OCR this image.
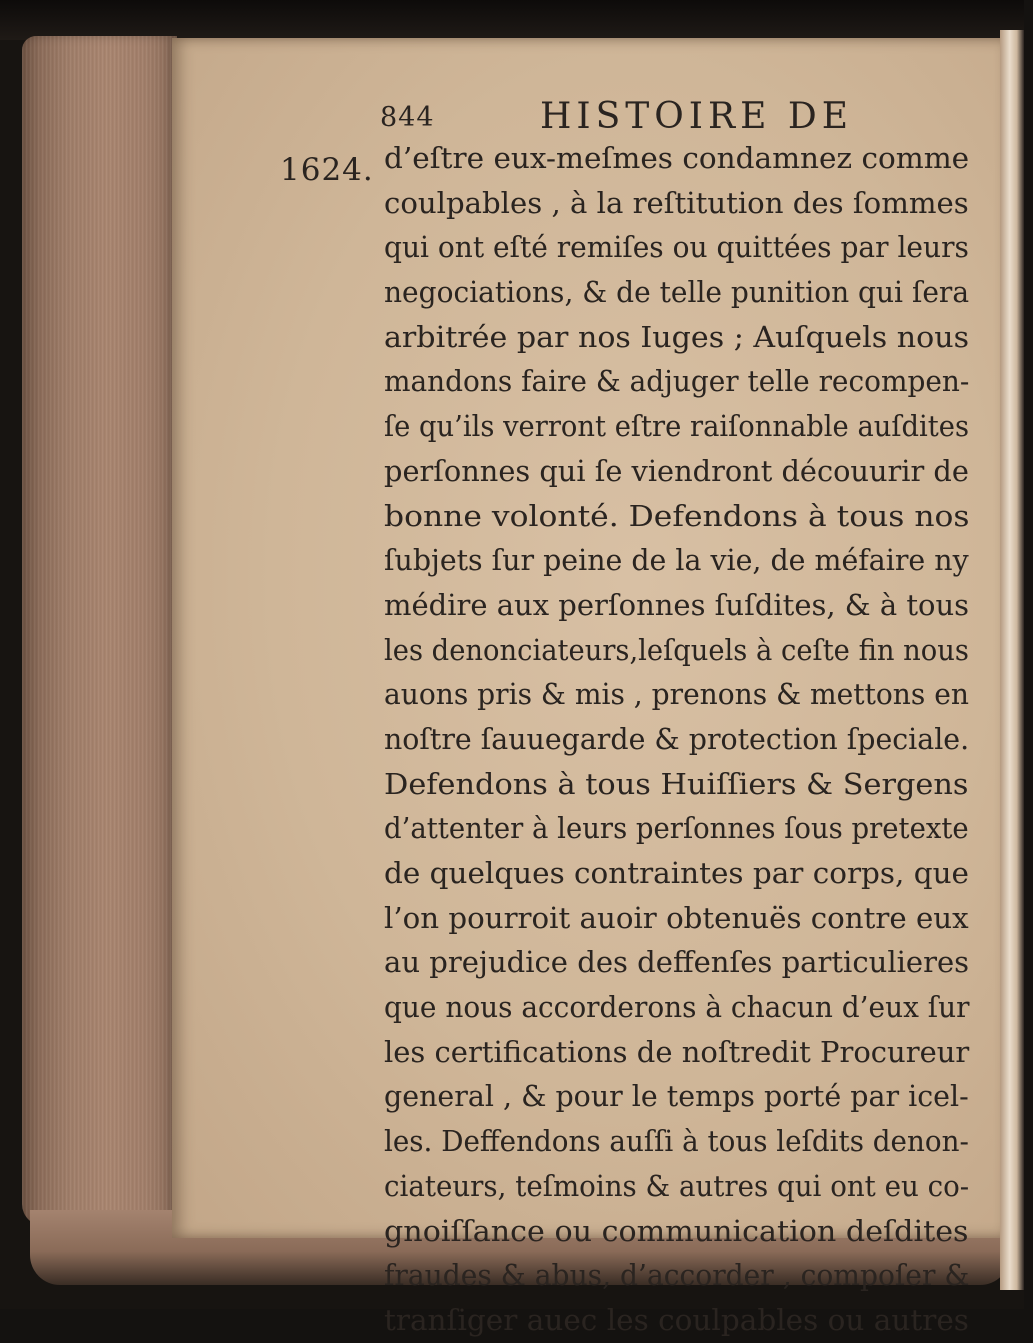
844	HISTOIRE DE
1624. d’eſtre eux-meſmes condamnez comme
coulpables , à la reſtitution des ſommes
qui ont eſté remiſes ou quittées par leurs
negociations, & de telle punition qui ſera
arbitrée par nos Iuges ; Auſquels nous
mandons faire & adjuger telle recompen-
ſe qu’ils verront eſtre raiſonnable auſdites
perſonnes qui ſe viendront découurir de
bonne volonté. Defendons à tous nos
ſubjets ſur peine de la vie, de méfaire ny
médire aux perſonnes ſuſdites, & à tous
les denonciateurs,leſquels à ceſte fin nous
auons pris & mis , prenons & mettons en
noſtre ſauuegarde & protection ſpeciale.
Defendons à tous Huiſſiers & Sergens
d’attenter à leurs perſonnes ſous pretexte
de quelques contraintes par corps, que
l’on pourroit auoir obtenuës contre eux
au prejudice des deffenſes particulieres
que nous accorderons à chacun d’eux ſur
les certifications de noſtredit Procureur
general , & pour le temps porté par icel-
les. Deffendons auſſi à tous leſdits denon-
ciateurs, teſmoins & autres qui ont eu co-
gnoiſſance ou communication deſdites
fraudes & abus, d’accorder , compoſer &
tranſiger auec les coulpables ou autres
